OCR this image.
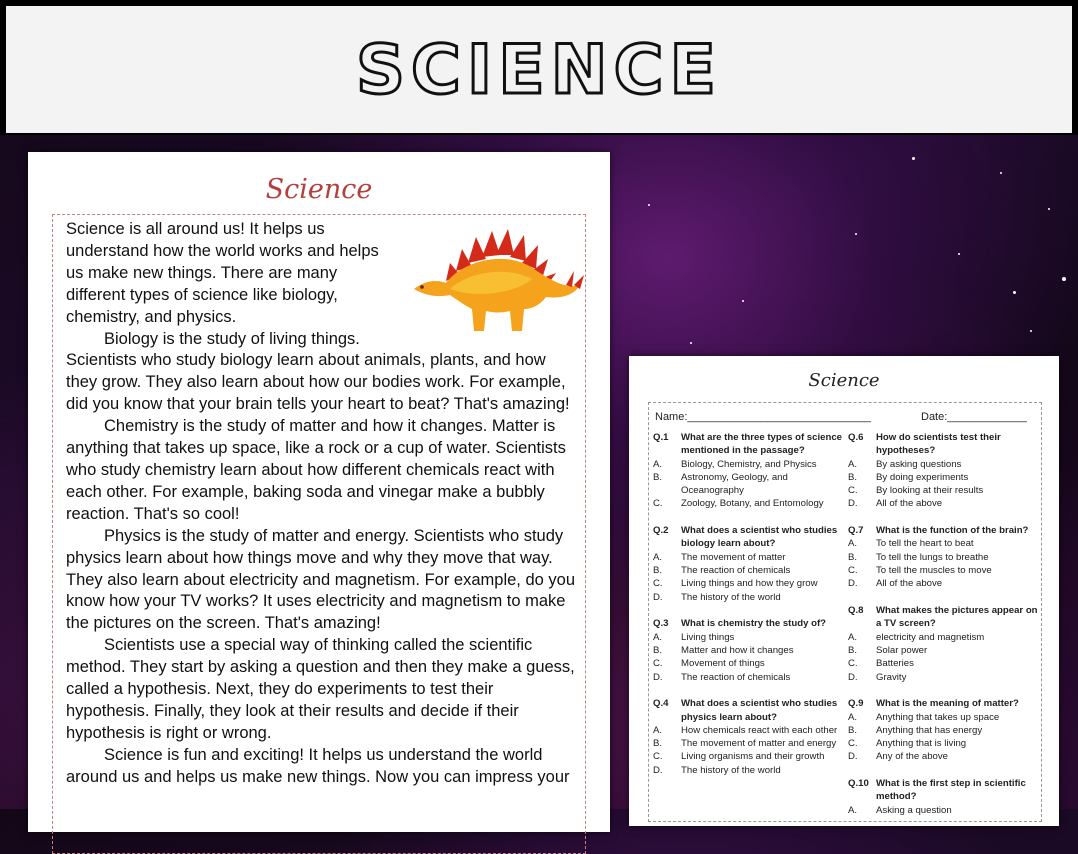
SCIENCE
Science

Science is all around us! It helps us understand how the world works and helps us make new things. There are many different types of science like biology, chemistry, and physics.

Biology is the study of living things. Scientists who study biology learn about animals, plants, and how they grow. They also learn about how our bodies work. For example, did you know that your brain tells your heart to beat? That's amazing!

Chemistry is the study of matter and how it changes. Matter is anything that takes up space, like a rock or a cup of water. Scientists who study chemistry learn about how different chemicals react with each other. For example, baking soda and vinegar make a bubbly reaction. That's so cool!

Physics is the study of matter and energy. Scientists who study physics learn about how things move and why they move that way. They also learn about electricity and magnetism. For example, do you know how your TV works? It uses electricity and magnetism to make the pictures on the screen. That's amazing!

Scientists use a special way of thinking called the scientific method. They start by asking a question and then they make a guess, called a hypothesis. Next, they do experiments to test their hypothesis. Finally, they look at their results and decide if their hypothesis is right or wrong.

Science is fun and exciting! It helps us understand the world around us and helps us make new things. Now you can impress your

Science
Name:______________________________	Date:_____________
Q.1	What are the three types of science mentioned in the passage?
A.	Biology, Chemistry, and Physics
B.	Astronomy, Geology, and Oceanography
C.	Zoology, Botany, and Entomology
Q.2	What does a scientist who studies biology learn about?
A.	The movement of matter
B.	The reaction of chemicals
C.	Living things and how they grow
D.	The history of the world
Q.3	What is chemistry the study of?
A.	Living things
B.	Matter and how it changes
C.	Movement of things
D.	The reaction of chemicals
Q.4	What does a scientist who studies physics learn about?
A.	How chemicals react with each other
B.	The movement of matter and energy
C.	Living organisms and their growth
D.	The history of the world
Q.6	How do scientists test their hypotheses?
A.	By asking questions
B.	By doing experiments
C.	By looking at their results
D.	All of the above
Q.7	What is the function of the brain?
A.	To tell the heart to beat
B.	To tell the lungs to breathe
C.	To tell the muscles to move
D.	All of the above
Q.8	What makes the pictures appear on a TV screen?
A.	electricity and magnetism
B.	Solar power
C.	Batteries
D.	Gravity
Q.9	What is the meaning of matter?
A.	Anything that takes up space
B.	Anything that has energy
C.	Anything that is living
D.	Any of the above
Q.10 What is the first step in scientific method?
A.	Asking a question
